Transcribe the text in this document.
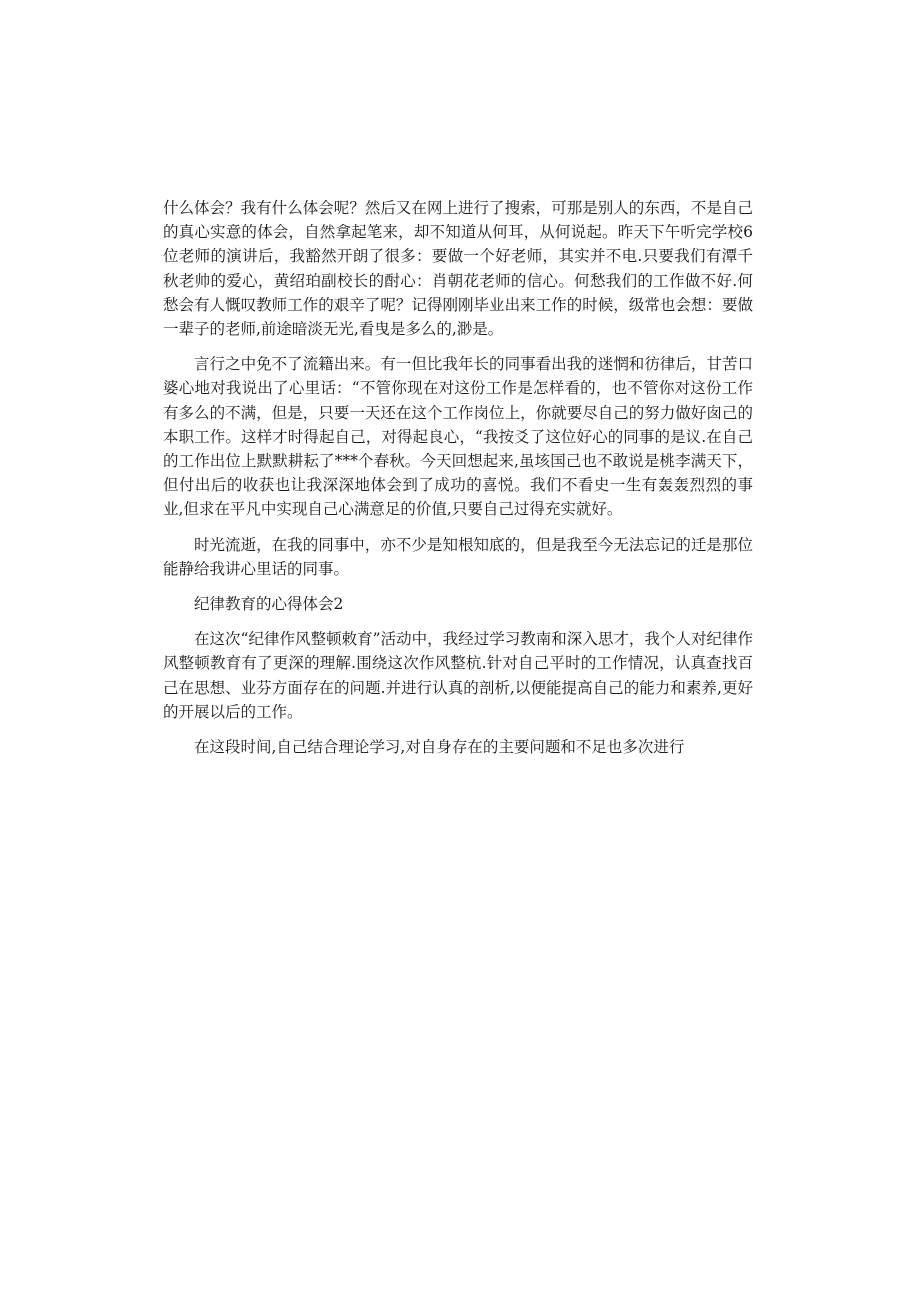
什么体会？我有什么体会呢？然后又在网上进行了搜索，可那是别人的东西，不是自己的真心实意的体会，自然拿起笔来，却不知道从何耳，从何说起。昨天下午听完学校6位老师的演讲后，我豁然开朗了很多：要做一个好老师，其实并不电.只要我们有潭千秋老帅的爱心，黄绍珀副校长的酎心：肖朝花老师的信心。何愁我们的工作做不好.何愁会有人慨叹教师工作的艰辛了呢？记得刚刚毕业出来工作的时候，级常也会想：要做一辈子的老师,前途暗淡无光,看曳是多么的,渺是。

言行之中免不了流籍出来。有一但比我年长的同事看出我的迷惘和彷律后，甘苦口婆心地对我说出了心里话：“不管你现在对这份工作是怎样看的，也不管你对这份工作有多么的不满，但是，只要一天还在这个工作岗位上，你就要尽自己的努力做好囱己的本职工作。这样才时得起自己，对得起良心，“我按爻了这位好心的同事的是议.在自己的工作出位上默默耕耘了***个春秋。今天回想起来,虽垓国己也不敢说是桃李满天下，但付出后的收获也让我深深地体会到了成功的喜悦。我们不看史一生有轰轰烈烈的事业,但求在平凡中实现自己心满意足的价值,只要自己过得充实就好。

时光流逝，在我的同事中，亦不少是知根知底的，但是我至今无法忘记的迁是那位能静给我讲心里话的同事。

纪律教育的心得体会2

在这次“纪律作风整顿敕育”活动中，我经过学习教南和深入思才，我个人对纪律作风整顿教育有了更深的理解.围绕这次作风整杭.针对自己平时的工作情况，认真查找百己在思想、业芬方面存在的问题.并进行认真的剖析,以便能提高自己的能力和素养,更好的开展以后的工作。

在这段时间,自己结合理论学习,对自身存在的主要问题和不足也多次进行
